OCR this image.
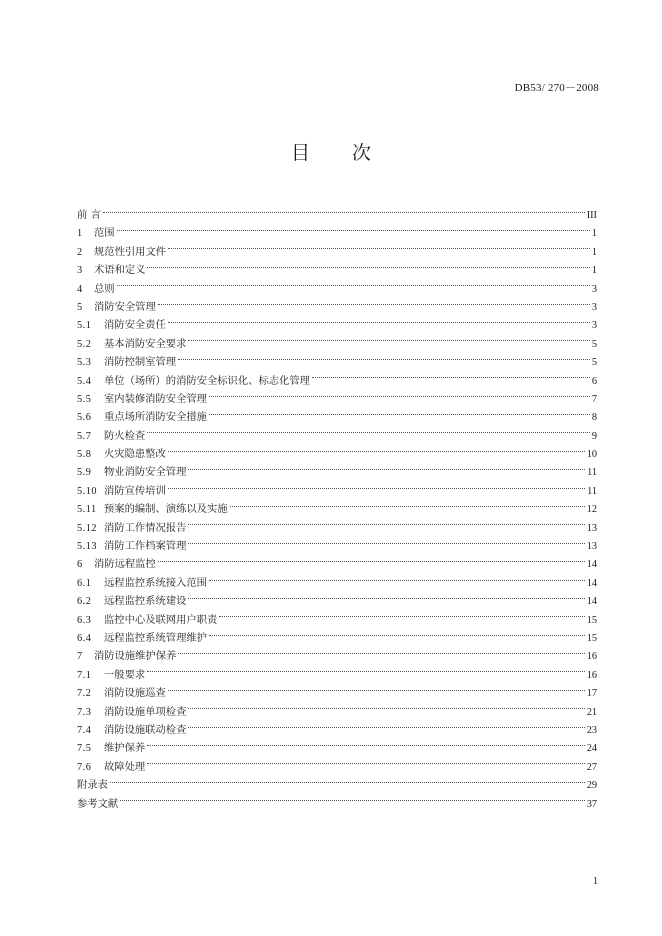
DB53/ 270－2008
目 次
前 言	III
1	范围	1
2	规范性引用文件	1
3	术语和定义	1
4	总则	3
5	消防安全管理	3
5.1	消防安全责任	3
5.2	基本消防安全要求	5
5.3	消防控制室管理	5
5.4	单位（场所）的消防安全标识化、标志化管理	6
5.5	室内装修消防安全管理	7
5.6	重点场所消防安全措施	8
5.7	防火检查	9
5.8	火灾隐患整改	10
5.9	物业消防安全管理	11
5.10 消防宣传培训	11
5.11 预案的编制、演练以及实施	12
5.12 消防工作情况报告	13
5.13 消防工作档案管理	13
6	消防远程监控	14
6.1	远程监控系统接入范围	14
6.2	远程监控系统建设	14
6.3	监控中心及联网用户职责	15
6.4	远程监控系统管理维护	15
7	消防设施维护保养	16
7.1	一般要求	16
7.2	消防设施巡查	17
7.3	消防设施单项检查	21
7.4	消防设施联动检查	23
7.5	维护保养	24
7.6	故障处理	27
附录表	29
参考文献	37
1
